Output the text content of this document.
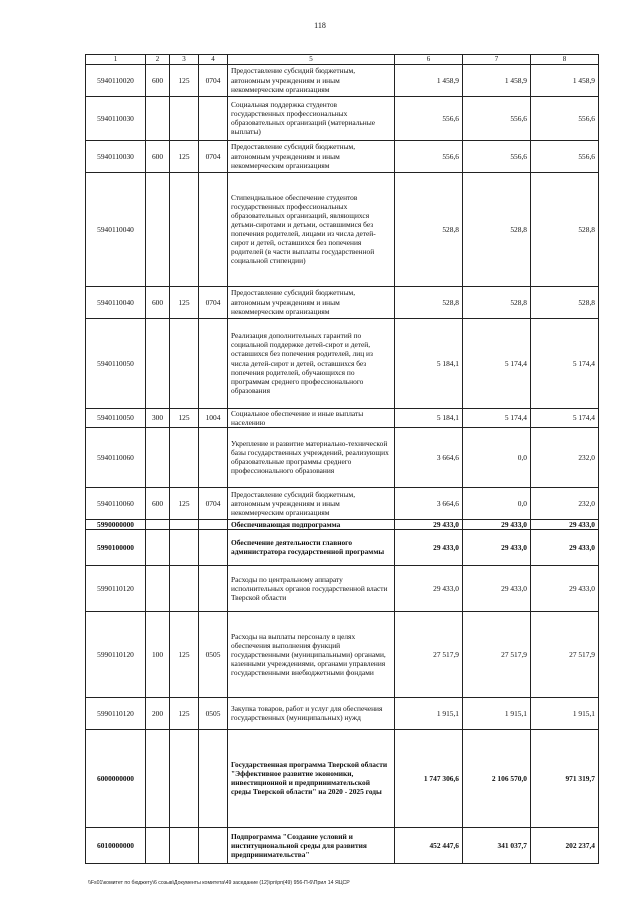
118
1	2	3	4	5	6	7	8
5940110020	600	125	0704	Предоставление субсидий бюджетным, автономным учреждениям и иным некоммерческим организациям	1 458,9	1 458,9	1 458,9
5940110030				Социальная поддержка студентов государственных профессиональных образовательных организаций (материальные выплаты)	556,6	556,6	556,6
5940110030	600	125	0704	Предоставление субсидий бюджетным, автономным учреждениям и иным некоммерческим организациям	556,6	556,6	556,6
5940110040				Стипендиальное обеспечение студентов государственных профессиональных образовательных организаций, являющихся детьми-сиротами и детьми, оставшимися без попечения родителей, лицами из числа детей-сирот и детей, оставшихся без попечения родителей (в части выплаты государственной социальной стипендии)	528,8	528,8	528,8
5940110040	600	125	0704	Предоставление субсидий бюджетным, автономным учреждениям и иным некоммерческим организациям	528,8	528,8	528,8
5940110050				Реализация дополнительных гарантий по социальной поддержке детей-сирот и детей, оставшихся без попечения родителей, лиц из числа детей-сирот и детей, оставшихся без попечения родителей, обучающихся по программам среднего профессионального образования	5 184,1	5 174,4	5 174,4
5940110050	300	125	1004	Социальное обеспечение и иные выплаты населению	5 184,1	5 174,4	5 174,4
5940110060				Укрепление и развитие материально-технической базы государственных учреждений, реализующих образовательные программы среднего профессионального образования	3 664,6	0,0	232,0
5940110060	600	125	0704	Предоставление субсидий бюджетным, автономным учреждениям и иным некоммерческим организациям	3 664,6	0,0	232,0
5990000000				Обеспечивающая подпрограмма	29 433,0	29 433,0	29 433,0
5990100000				Обеспечение деятельности главного администратора государственной программы	29 433,0	29 433,0	29 433,0
5990110120				Расходы по центральному аппарату исполнительных органов государственной власти Тверской области	29 433,0	29 433,0	29 433,0
5990110120	100	125	0505	Расходы на выплаты персоналу в целях обеспечения выполнения функций государственными (муниципальными) органами, казенными учреждениями, органами управления государственными внебюджетными фондами	27 517,9	27 517,9	27 517,9
5990110120	200	125	0505	Закупка товаров, работ и услуг для обеспечения государственных (муниципальных) нужд	1 915,1	1 915,1	1 915,1
6000000000				Государственная программа Тверской области "Эффективное развитие экономики, инвестиционной и предпринимательской среды Тверской области" на 2020 - 2025 годы	1 747 306,6	2 106 570,0	971 319,7
6010000000				Подпрограмма "Создание условий и институциональной среды для развития предпринимательства"	452 447,6	341 037,7	202 237,4
\\Fs01\комитет по бюджету\6 созыв\Документы комитета\49 заседание (12)\рп\рп(49) 956-П-6\Прил 14 ЯЦСР
